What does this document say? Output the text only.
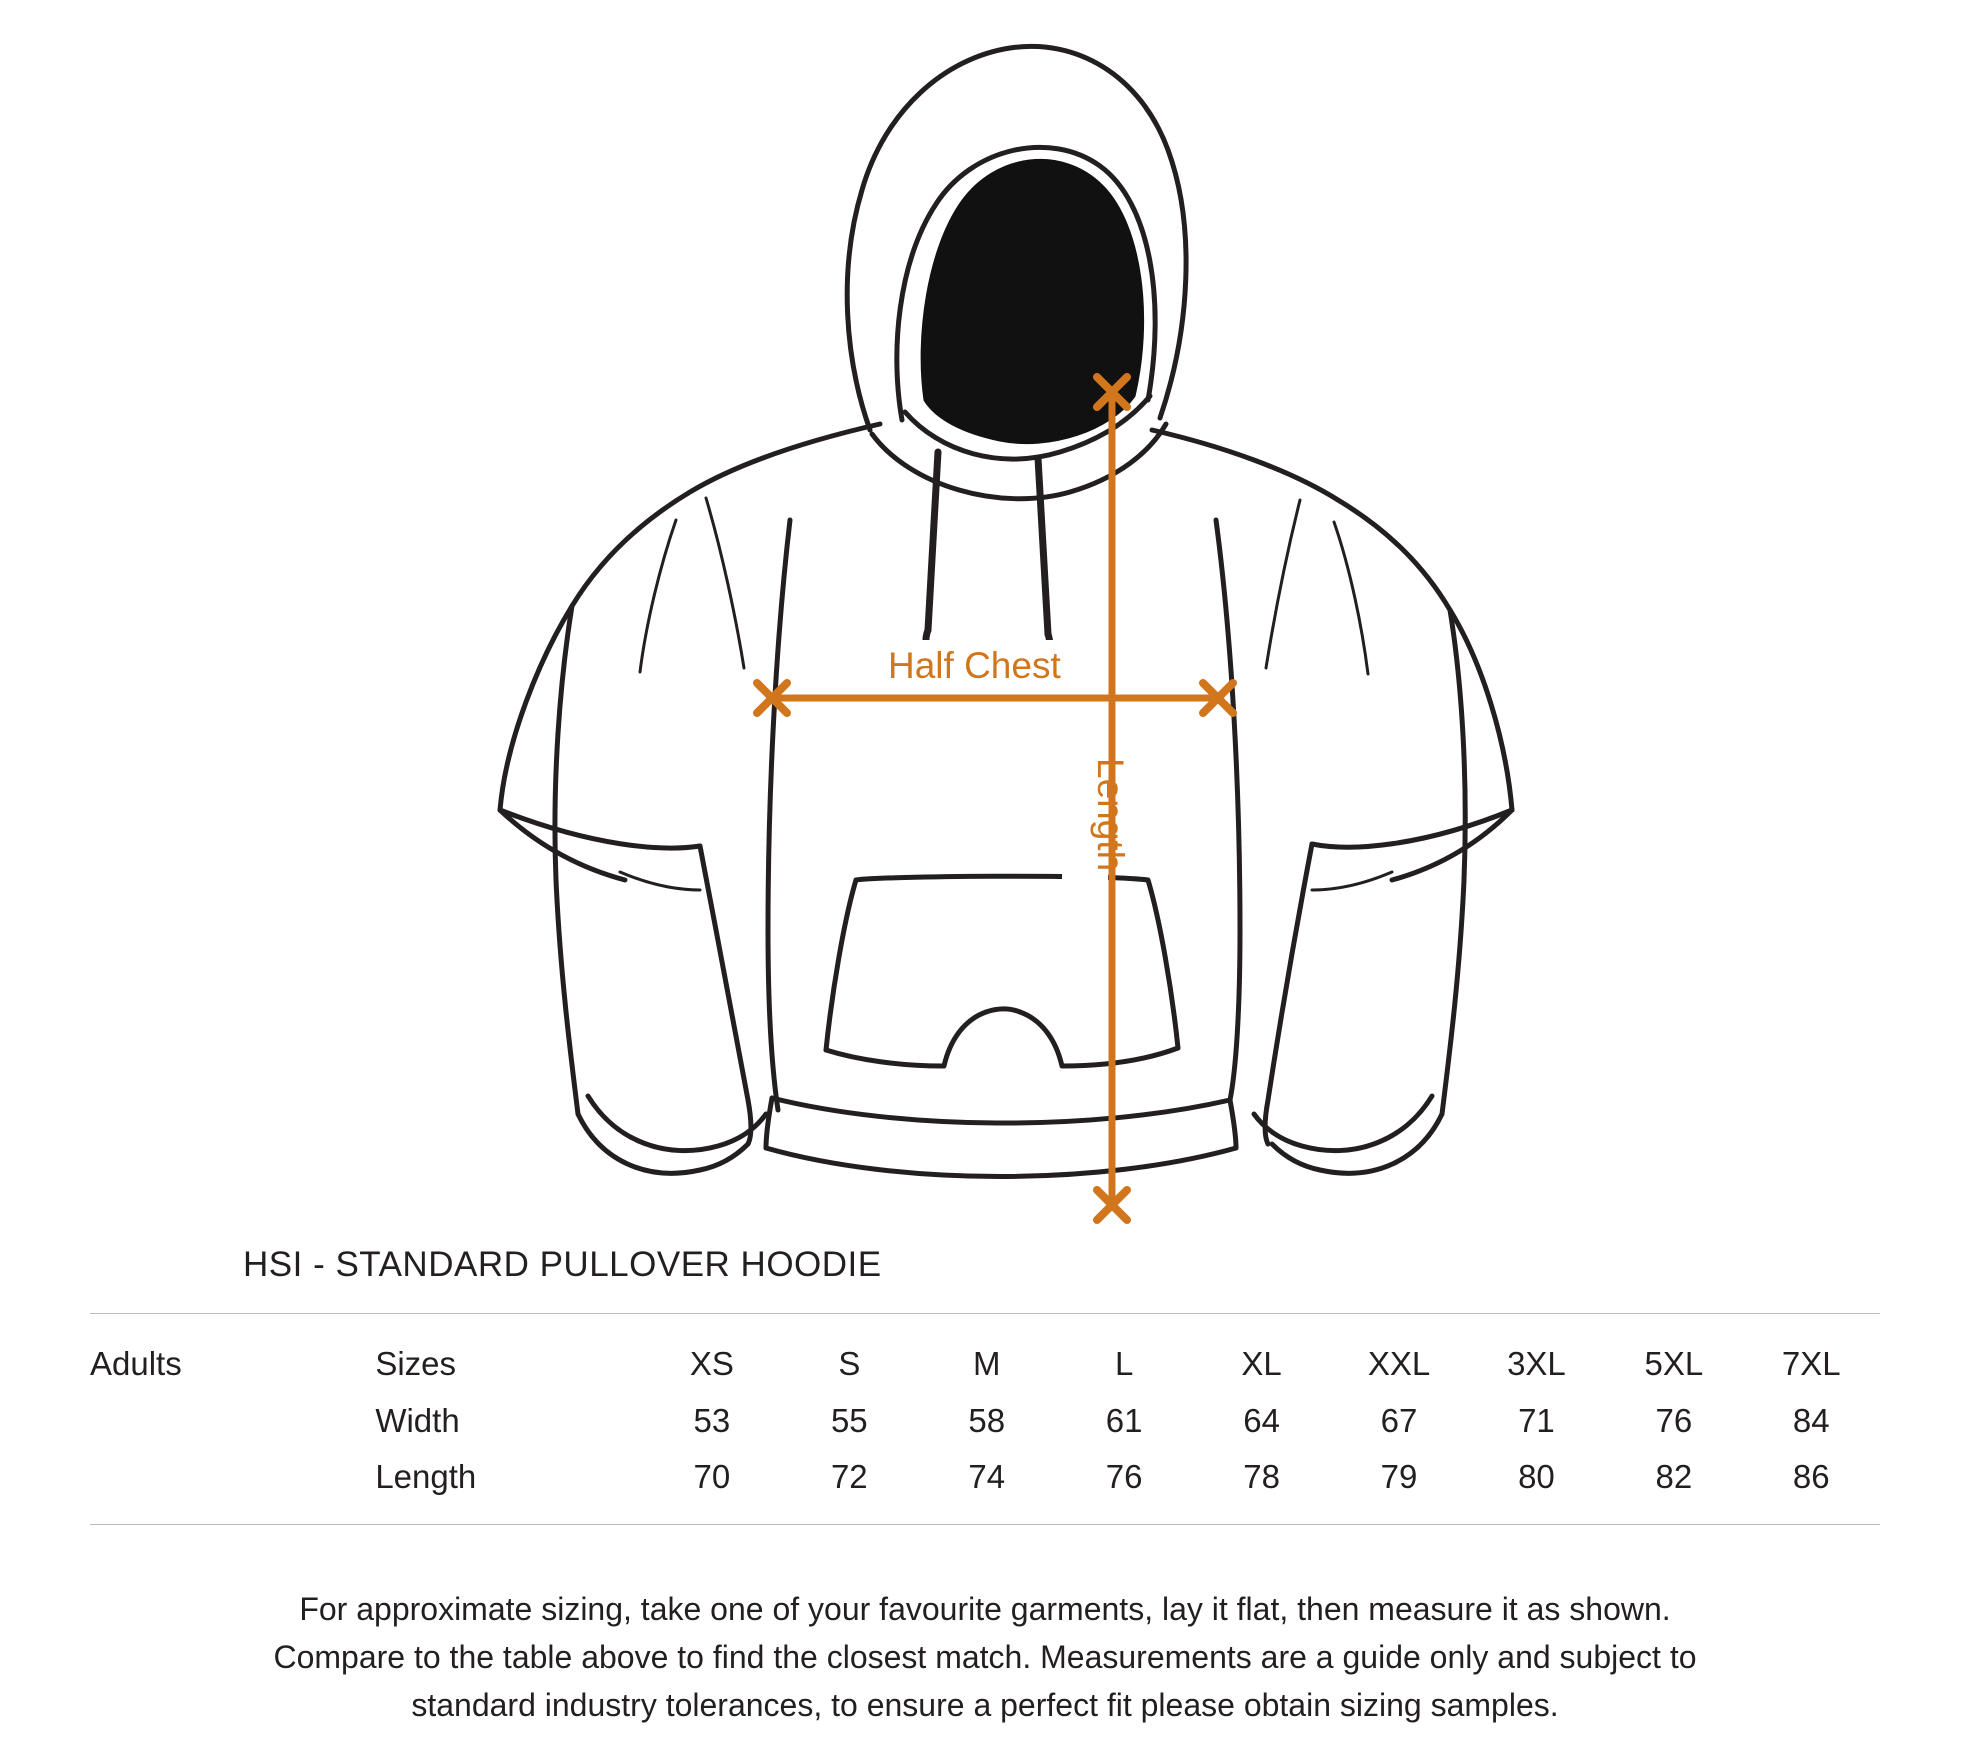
Half Chest
Length
HSI - STANDARD PULLOVER HOODIE
Adults	Sizes	XS	S	M	L	XL	XXL	3XL	5XL	7XL
	Width	53	55	58	61	64	67	71	76	84
	Length	70	72	74	76	78	79	80	82	86
For approximate sizing, take one of your favourite garments, lay it flat, then measure it as shown.
Compare to the table above to find the closest match. Measurements are a guide only and subject to
standard industry tolerances, to ensure a perfect fit please obtain sizing samples.
